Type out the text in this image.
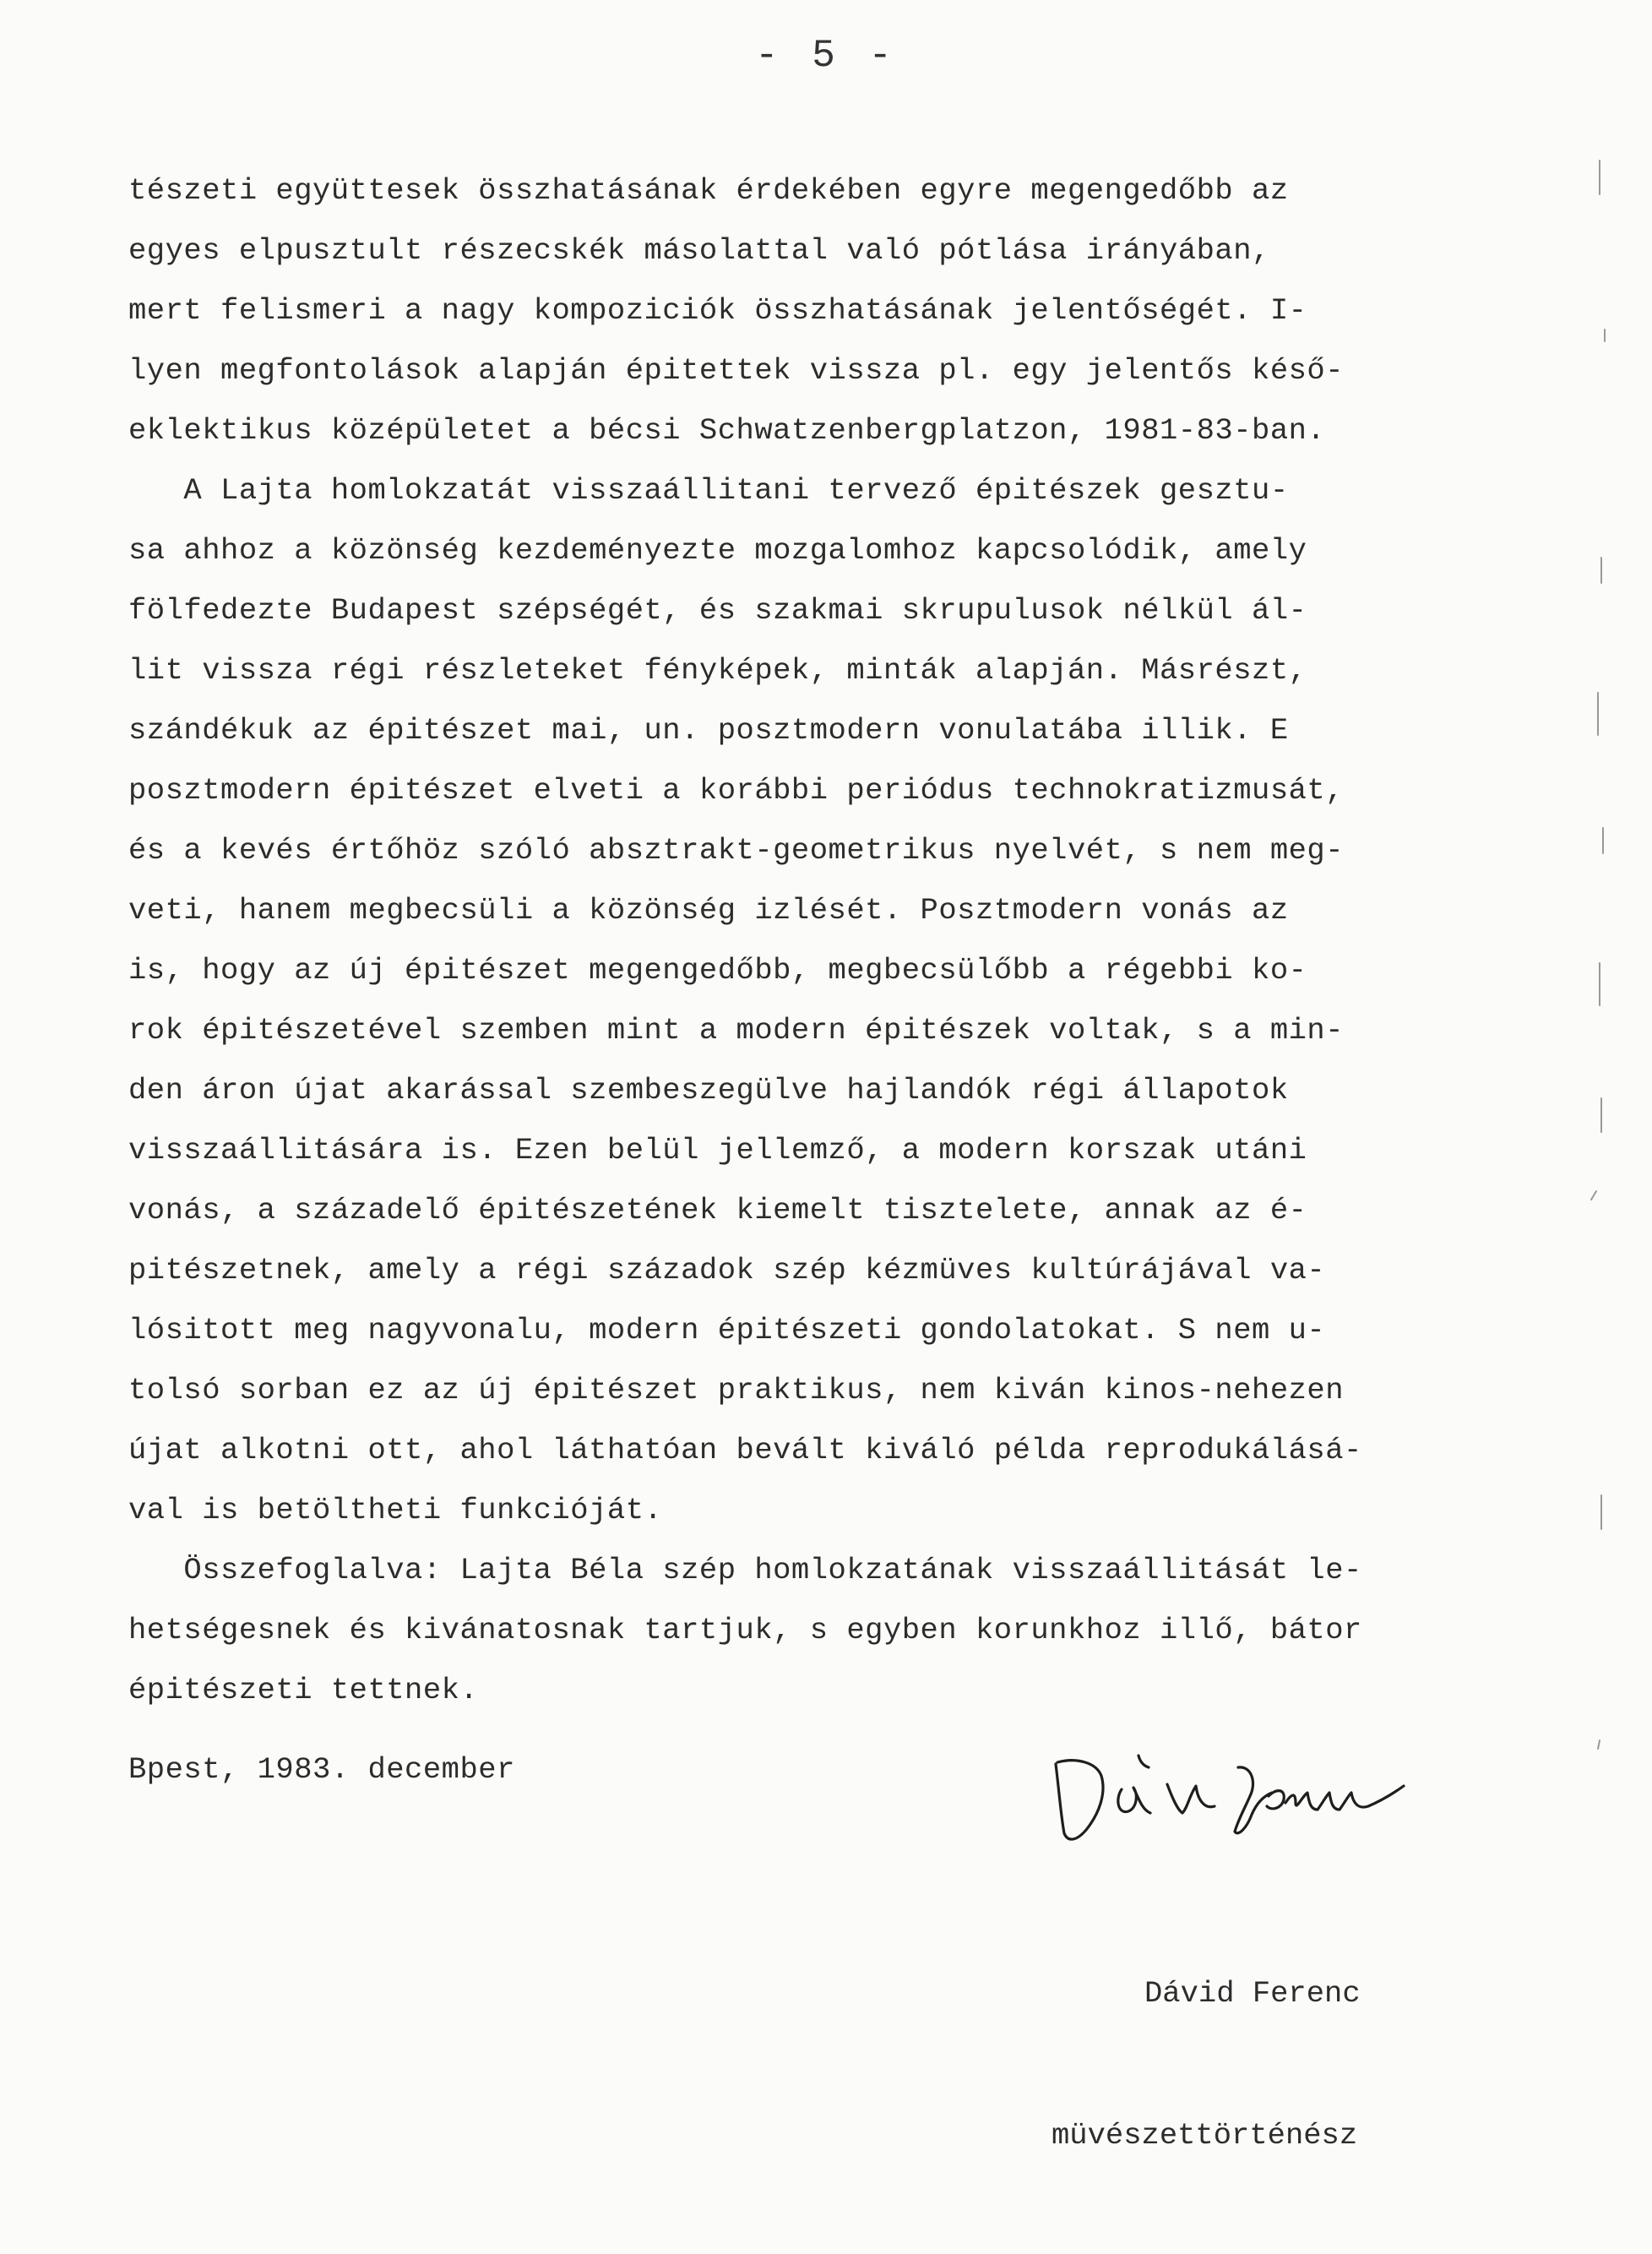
- 5 -
tészeti együttesek összhatásának érdekében egyre megengedőbb az
egyes elpusztult részecskék másolattal való pótlása irányában,
mert felismeri a nagy kompoziciók összhatásának jelentőségét. I-
lyen megfontolások alapján épitettek vissza pl. egy jelentős késő-
eklektikus középületet a bécsi Schwatzenbergplatzon, 1981-83-ban.
A Lajta homlokzatát visszaállitani tervező épitészek gesztu-
sa ahhoz a közönség kezdeményezte mozgalomhoz kapcsolódik, amely
fölfedezte Budapest szépségét, és szakmai skrupulusok nélkül ál-
lit vissza régi részleteket fényképek, minták alapján. Másrészt,
szándékuk az épitészet mai, un. posztmodern vonulatába illik. E
posztmodern épitészet elveti a korábbi periódus technokratizmusát,
és a kevés értőhöz szóló absztrakt-geometrikus nyelvét, s nem meg-
veti, hanem megbecsüli a közönség izlését. Posztmodern vonás az
is, hogy az új épitészet megengedőbb, megbecsülőbb a régebbi ko-
rok épitészetével szemben mint a modern épitészek voltak, s a min-
den áron újat akarással szembeszegülve hajlandók régi állapotok
visszaállitására is. Ezen belül jellemző, a modern korszak utáni
vonás, a századelő épitészetének kiemelt tisztelete, annak az é-
pitészetnek, amely a régi századok szép kézmüves kultúrájával va-
lósitott meg nagyvonalu, modern épitészeti gondolatokat. S nem u-
tolsó sorban ez az új épitészet praktikus, nem kiván kinos-nehezen
újat alkotni ott, ahol láthatóan bevált kiváló példa reprodukálásá-
val is betöltheti funkcióját.
Összefoglalva: Lajta Béla szép homlokzatának visszaállitását le-
hetségesnek és kivánatosnak tartjuk, s egyben korunkhoz illő, bátor
épitészeti tettnek.
Bpest, 1983. december

Dávid Ferenc

müvészettörténész
